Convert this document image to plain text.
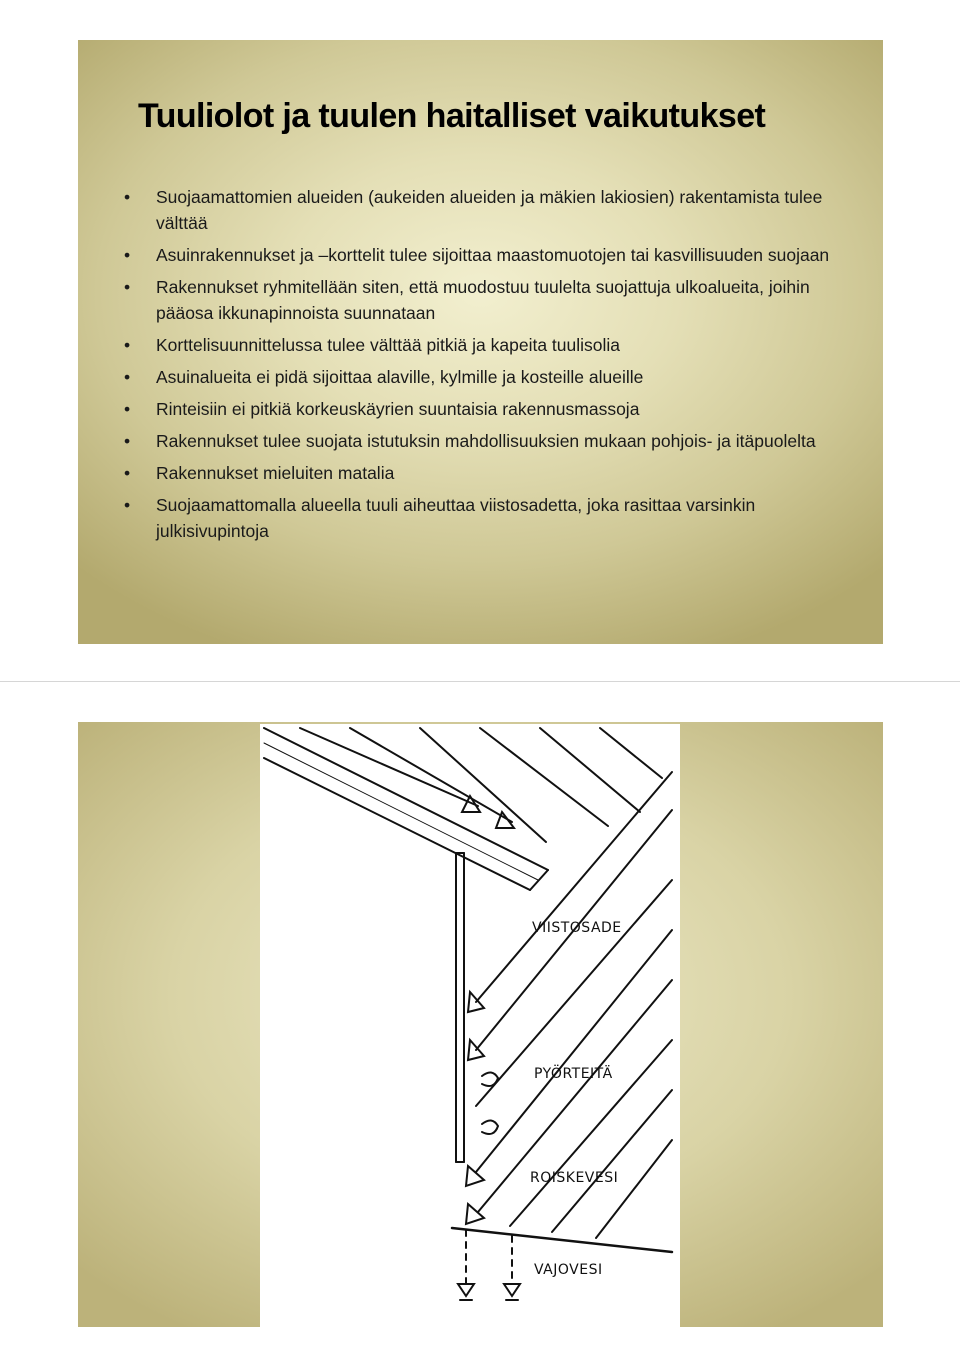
Tuuliolot ja tuulen haitalliset vaikutukset
• Suojaamattomien alueiden (aukeiden alueiden ja mäkien lakiosien) rakentamista tulee välttää
• Asuinrakennukset ja –korttelit tulee sijoittaa maastomuotojen tai kasvillisuuden suojaan
• Rakennukset ryhmitellään siten, että muodostuu tuulelta suojattuja ulkoalueita, joihin pääosa ikkunapinnoista suunnataan
• Korttelisuunnittelussa tulee välttää pitkiä ja kapeita tuulisolia
• Asuinalueita ei pidä sijoittaa alaville, kylmille ja kosteille alueille
• Rinteisiin ei pitkiä korkeuskäyrien suuntaisia rakennusmassoja
• Rakennukset tulee suojata istutuksin mahdollisuuksien mukaan pohjois- ja itäpuolelta
• Rakennukset mieluiten matalia
• Suojaamattomalla alueella tuuli aiheuttaa viistosadetta, joka rasittaa varsinkin julkisivupintoja
VIISTOSADE
PYÖRTEITÄ
ROISKEVESI
VAJOVESI
